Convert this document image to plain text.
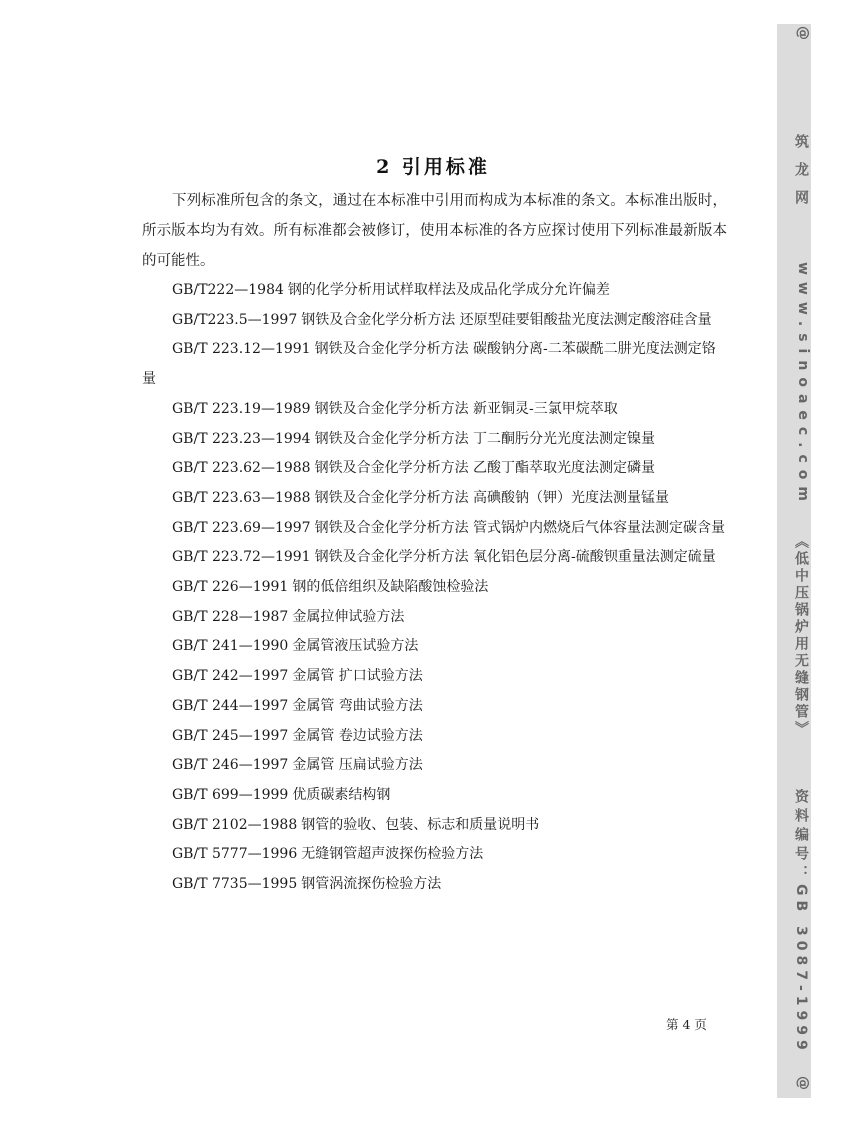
2 引用标准

下列标准所包含的条文，通过在本标准中引用而构成为本标准的条文。本标准出版时，所示版本均为有效。所有标准都会被修订，使用本标准的各方应探讨使用下列标准最新版本的可能性。

GB/T222—1984 钢的化学分析用试样取样法及成品化学成分允许偏差
GB/T223.5—1997 钢铁及合金化学分析方法 还原型硅要钼酸盐光度法测定酸溶硅含量
GB/T 223.12—1991 钢铁及合金化学分析方法 碳酸钠分离-二苯碳酰二肼光度法测定铬量
GB/T 223.19—1989 钢铁及合金化学分析方法 新亚铜灵-三氯甲烷萃取
GB/T 223.23—1994 钢铁及合金化学分析方法 丁二酮肟分光光度法测定镍量
GB/T 223.62—1988 钢铁及合金化学分析方法 乙酸丁酯萃取光度法测定磷量
GB/T 223.63—1988 钢铁及合金化学分析方法 高碘酸钠（钾）光度法测量锰量
GB/T 223.69—1997 钢铁及合金化学分析方法 管式锅炉内燃烧后气体容量法测定碳含量
GB/T 223.72—1991 钢铁及合金化学分析方法 氧化铝色层分离-硫酸钡重量法测定硫量
GB/T 226—1991 钢的低倍组织及缺陷酸蚀检验法
GB/T 228—1987 金属拉伸试验方法
GB/T 241—1990 金属管液压试验方法
GB/T 242—1997 金属管 扩口试验方法
GB/T 244—1997 金属管 弯曲试验方法
GB/T 245—1997 金属管 卷边试验方法
GB/T 246—1997 金属管 压扁试验方法
GB/T 699—1999 优质碳素结构钢
GB/T 2102—1988 钢管的验收、包装、标志和质量说明书
GB/T 5777—1996 无缝钢管超声波探伤检验方法
GB/T 7735—1995 钢管涡流探伤检验方法
第 4 页
@
筑龙网
www.sinoaec.com
《低中压锅炉用无缝钢管》
资料编号：GB 3087-1999
@
